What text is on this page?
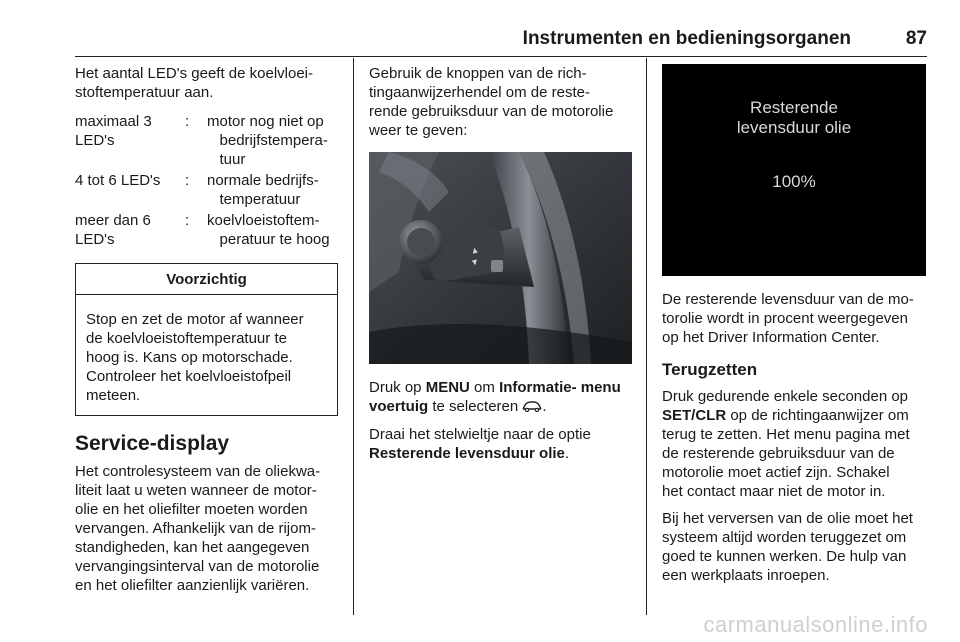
Instrumenten en bedieningsorganen	87

Het aantal LED's geeft de koelvloei-
stoftemperatuur aan.

maximaal 3
LED's	:	motor nog niet op
bedrijfstempera-
tuur
4 tot 6 LED's	:	normale bedrijfs-
temperatuur
meer dan 6
LED's	:	koelvloeistoftem-
peratuur te hoog
Voorzichtig
Stop en zet de motor af wanneer
de koelvloeistoftemperatuur te
hoog is. Kans op motorschade.
Controleer het koelvloeistofpeil
meteen.
Service-display

Het controlesysteem van de oliekwa-
liteit laat u weten wanneer de motor-
olie en het oliefilter moeten worden
vervangen. Afhankelijk van de rijom-
standigheden, kan het aangegeven
vervangingsinterval van de motorolie
en het oliefilter aanzienlijk variëren.

Gebruik de knoppen van de rich-
tingaanwijzerhendel om de reste-
rende gebruiksduur van de motorolie
weer te geven:

▲
▼

Druk op MENU om Informatie- menu
voertuig te selecteren .

Draai het stelwieltje naar de optie
Resterende levensduur olie.

Resterende
levensduur olie
100%

De resterende levensduur van de mo-
torolie wordt in procent weergegeven
op het Driver Information Center.

Terugzetten

Druk gedurende enkele seconden op
SET/CLR op de richtingaanwijzer om
terug te zetten. Het menu pagina met
de resterende gebruiksduur van de
motorolie moet actief zijn. Schakel
het contact maar niet de motor in.

Bij het verversen van de olie moet het
systeem altijd worden teruggezet om
goed te kunnen werken. De hulp van
een werkplaats inroepen.

carmanualsonline.info
